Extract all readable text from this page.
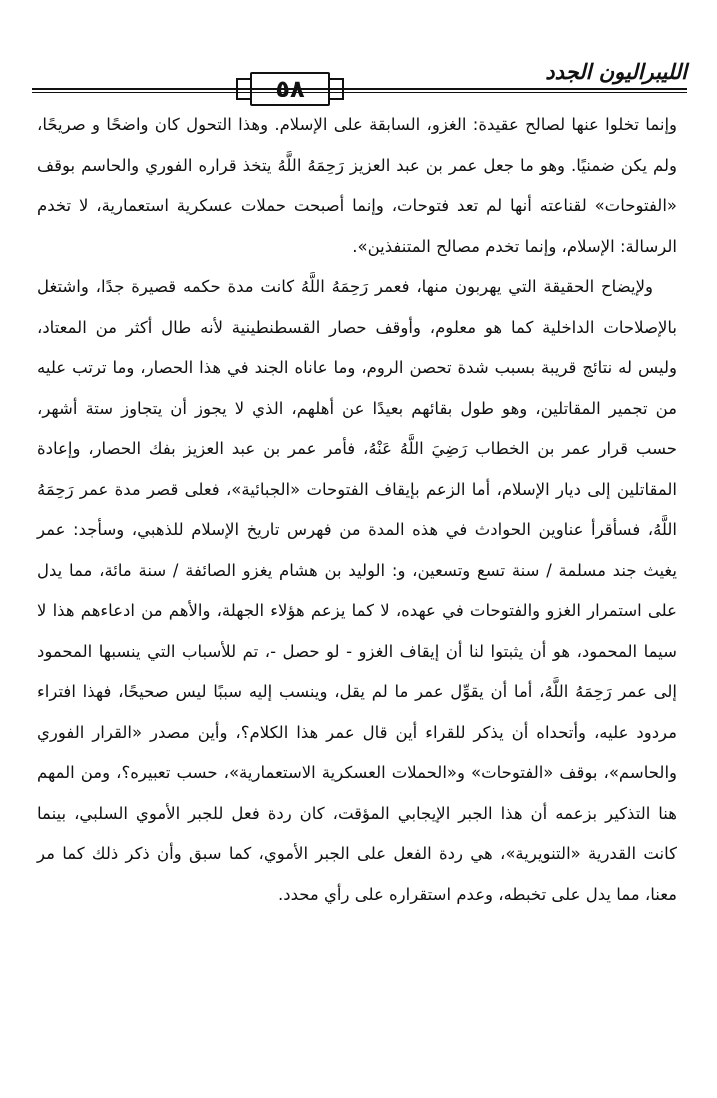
الليبراليون الجدد

وإنما تخلوا عنها لصالح عقيدة: الغزو، السابقة على الإسلام. وهذا التحول كان واضحًا و صريحًا، ولم يكن ضمنيًا. وهو ما جعل عمر بن عبد العزيز رَحِمَهُ اللَّهُ يتخذ قراره الفوري والحاسم بوقف «الفتوحات» لقناعته أنها لم تعد فتوحات، وإنما أصبحت حملات عسكرية استعمارية، لا تخدم الرسالة: الإسلام، وإنما تخدم مصالح المتنفذين».

ولإيضاح الحقيقة التي يهربون منها، فعمر رَحِمَهُ اللَّهُ كانت مدة حكمه قصيرة جدًا، واشتغل بالإصلاحات الداخلية كما هو معلوم، وأوقف حصار القسطنطينية لأنه طال أكثر من المعتاد، وليس له نتائج قريبة بسبب شدة تحصن الروم، وما عاناه الجند في هذا الحصار، وما ترتب عليه من تجمير المقاتلين، وهو طول بقائهم بعيدًا عن أهلهم، الذي لا يجوز أن يتجاوز ستة أشهر، حسب قرار عمر بن الخطاب رَضِيَ اللَّهُ عَنْهُ، فأمر عمر بن عبد العزيز بفك الحصار، وإعادة المقاتلين إلى ديار الإسلام، أما الزعم بإيقاف الفتوحات «الجبائية»، فعلى قصر مدة عمر رَحِمَهُ اللَّهُ، فسأقرأ عناوين الحوادث في هذه المدة من فهرس تاريخ الإسلام للذهبي، وسأجد: عمر يغيث جند مسلمة / سنة تسع وتسعين، و: الوليد بن هشام يغزو الصائفة / سنة مائة، مما يدل على استمرار الغزو والفتوحات في عهده، لا كما يزعم هؤلاء الجهلة، والأهم من ادعاءهم هذا لا سيما المحمود، هو أن يثبتوا لنا أن إيقاف الغزو - لو حصل -، تم للأسباب التي ينسبها المحمود إلى عمر رَحِمَهُ اللَّهُ، أما أن يقوِّل عمر ما لم يقل، وينسب إليه سببًا ليس صحيحًا، فهذا افتراء مردود عليه، وأتحداه أن يذكر للقراء أين قال عمر هذا الكلام؟، وأين مصدر «القرار الفوري والحاسم»، بوقف «الفتوحات» و«الحملات العسكرية الاستعمارية»، حسب تعبيره؟، ومن المهم هنا التذكير بزعمه أن هذا الجبر الإيجابي المؤقت، كان ردة فعل للجبر الأموي السلبي، بينما كانت القدرية «التنويرية»، هي ردة الفعل على الجبر الأموي، كما سبق وأن ذكر ذلك كما مر معنا، مما يدل على تخبطه، وعدم استقراره على رأي محدد.
